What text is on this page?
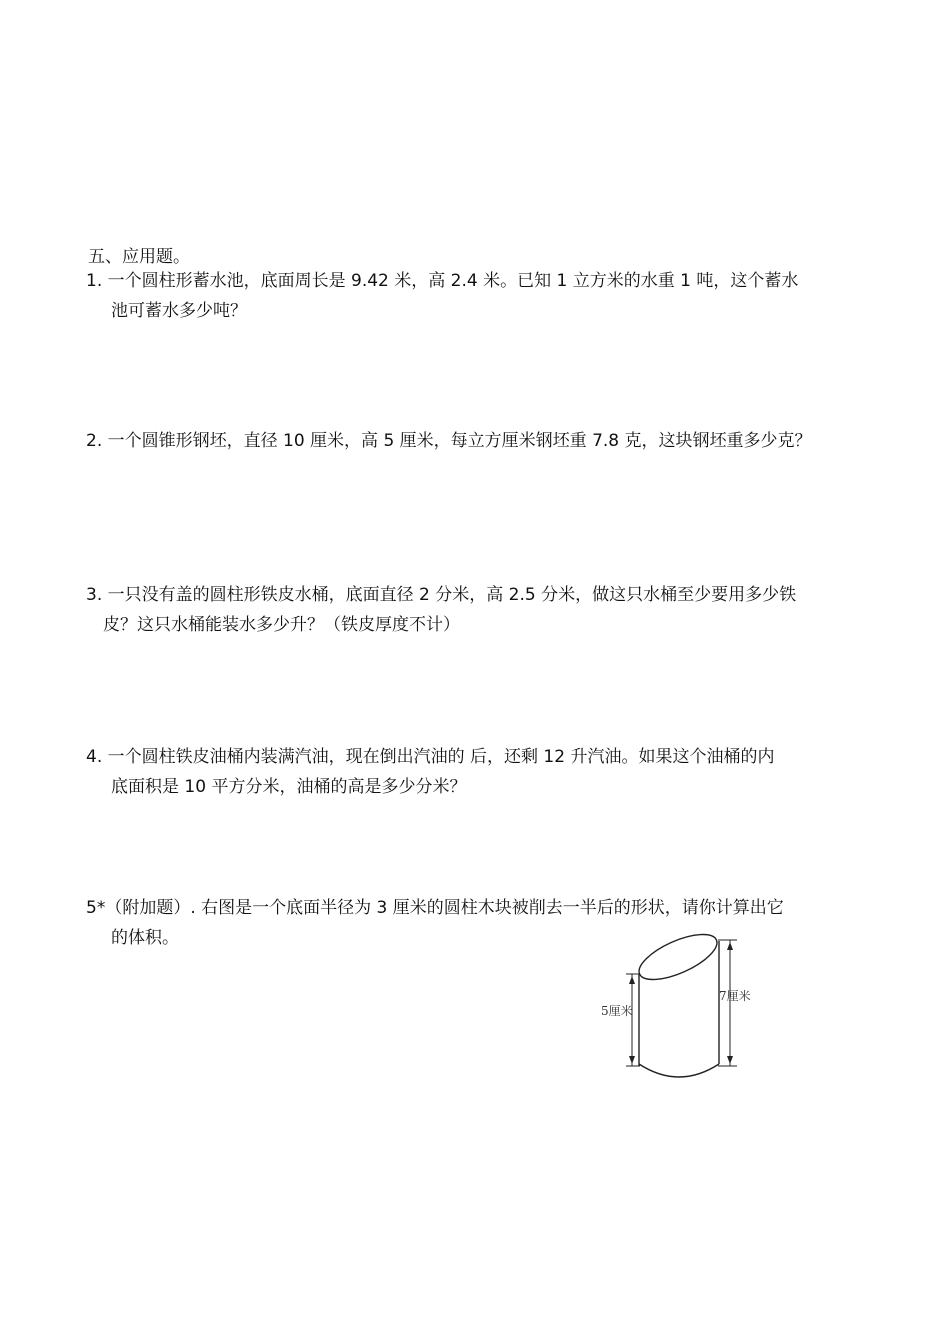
五、应用题。
1. 一个圆柱形蓄水池，底面周长是 9.42 米，高 2.4 米。已知 1 立方米的水重 1 吨，这个蓄水
池可蓄水多少吨？
2. 一个圆锥形钢坯，直径 10 厘米，高 5 厘米，每立方厘米钢坯重 7.8 克，这块钢坯重多少克？
3. 一只没有盖的圆柱形铁皮水桶，底面直径 2 分米，高 2.5 分米，做这只水桶至少要用多少铁
皮？这只水桶能装水多少升？（铁皮厚度不计）
4. 一个圆柱铁皮油桶内装满汽油，现在倒出汽油的 后，还剩 12 升汽油。如果这个油桶的内
底面积是 10 平方分米，油桶的高是多少分米？
5*（附加题）. 右图是一个底面半径为 3 厘米的圆柱木块被削去一半后的形状，请你计算出它
的体积。
5厘米
7厘米
